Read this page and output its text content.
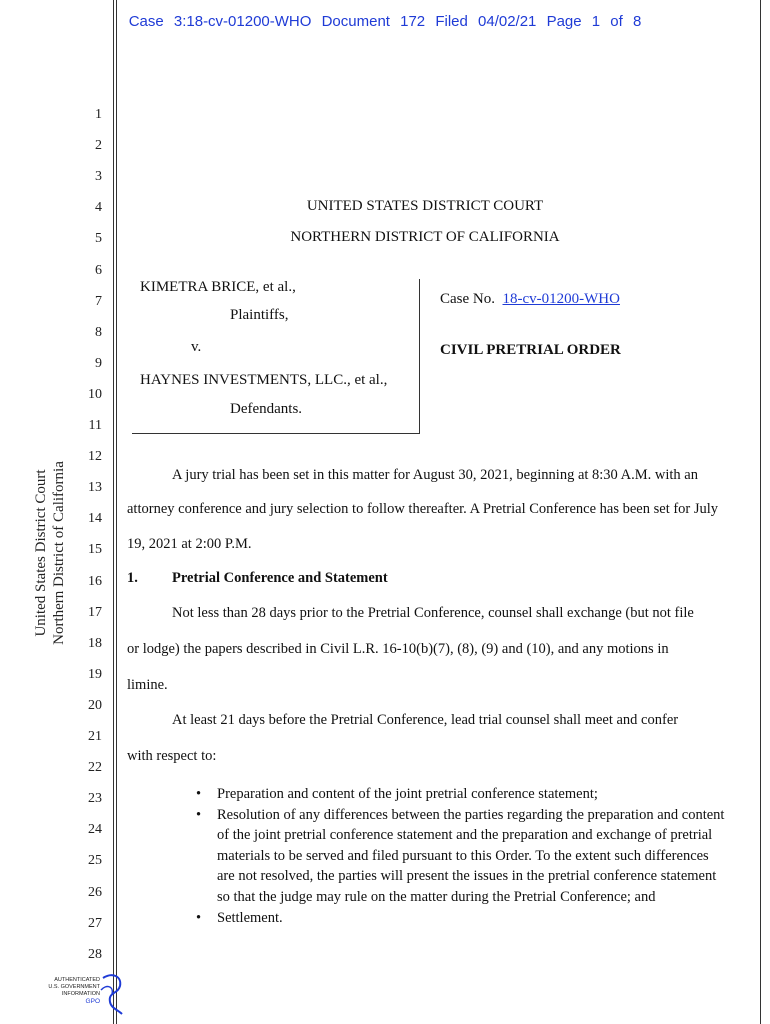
Case 3:18-cv-01200-WHO Document 172 Filed 04/02/21 Page 1 of 8
1
2
3
4
5
6
7
8
9
10
11
12
13
14
15
16
17
18
19
20
21
22
23
24
25
26
27
28
United States District Court Northern District of California
UNITED STATES DISTRICT COURT
NORTHERN DISTRICT OF CALIFORNIA
KIMETRA BRICE, et al.,
Plaintiffs,
v.
HAYNES INVESTMENTS, LLC., et al.,
Defendants.
Case No. 18-cv-01200-WHO
CIVIL PRETRIAL ORDER
A jury trial has been set in this matter for August 30, 2021, beginning at 8:30 A.M. with an
attorney conference and jury selection to follow thereafter. A Pretrial Conference has been set for July
19, 2021 at 2:00 P.M.
1. Pretrial Conference and Statement
Not less than 28 days prior to the Pretrial Conference, counsel shall exchange (but not file
or lodge) the papers described in Civil L.R. 16-10(b)(7), (8), (9) and (10), and any motions in
limine.
At least 21 days before the Pretrial Conference, lead trial counsel shall meet and confer
with respect to:
• Preparation and content of the joint pretrial conference statement;
• Resolution of any differences between the parties regarding the preparation and content of the joint pretrial conference statement and the preparation and exchange of pretrial materials to be served and filed pursuant to this Order. To the extent such differences are not resolved, the parties will present the issues in the pretrial conference statement so that the judge may rule on the matter during the Pretrial Conference; and
• Settlement.
AUTHENTICATED
U.S. GOVERNMENT
INFORMATION
GPO
